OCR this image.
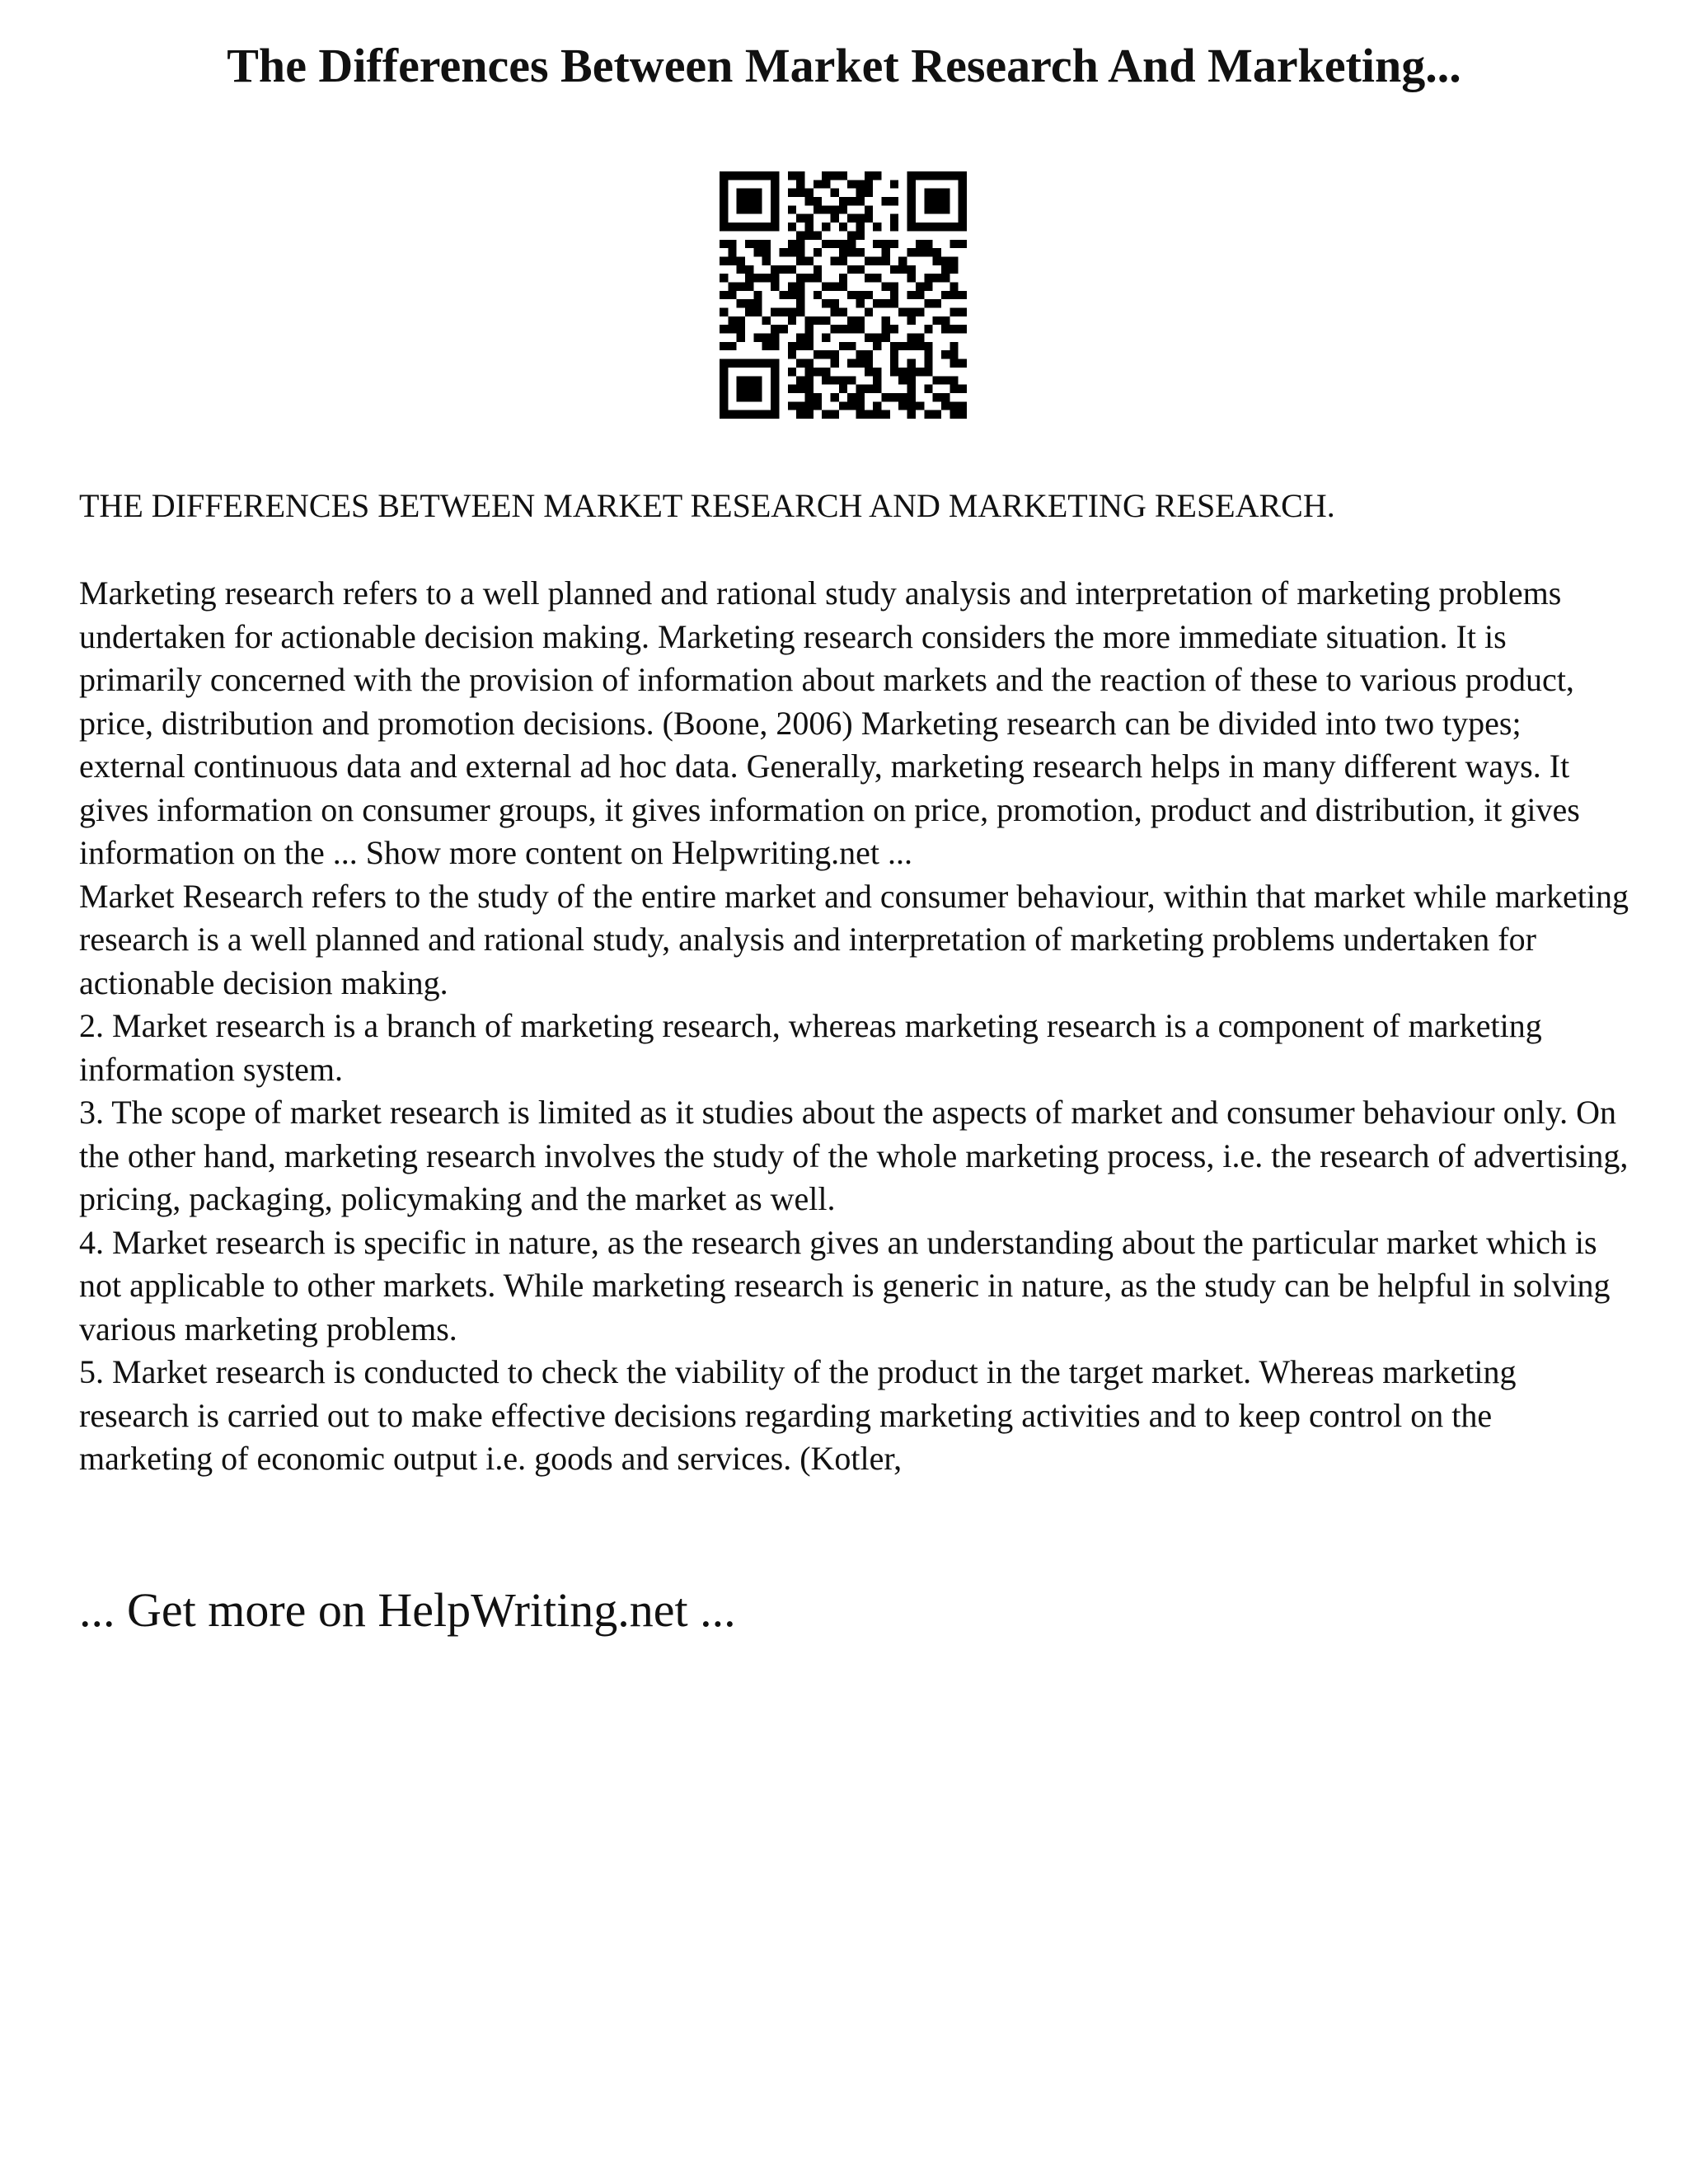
The Differences Between Market Research And Marketing...

THE DIFFERENCES BETWEEN MARKET RESEARCH AND MARKETING RESEARCH.

Marketing research refers to a well planned and rational study analysis and interpretation of marketing problems undertaken for actionable decision making. Marketing research considers the more immediate situation. It is primarily concerned with the provision of information about markets and the reaction of these to various product, price, distribution and promotion decisions. (Boone, 2006) Marketing research can be divided into two types; external continuous data and external ad hoc data. Generally, marketing research helps in many different ways. It gives information on consumer groups, it gives information on price, promotion, product and distribution, it gives information on the ... Show more content on Helpwriting.net ...

Market Research refers to the study of the entire market and consumer behaviour, within that market while marketing research is a well planned and rational study, analysis and interpretation of marketing problems undertaken for actionable decision making.

2. Market research is a branch of marketing research, whereas marketing research is a component of marketing information system.

3. The scope of market research is limited as it studies about the aspects of market and consumer behaviour only. On the other hand, marketing research involves the study of the whole marketing process, i.e. the research of advertising, pricing, packaging, policymaking and the market as well.

4. Market research is specific in nature, as the research gives an understanding about the particular market which is not applicable to other markets. While marketing research is generic in nature, as the study can be helpful in solving various marketing problems.

5. Market research is conducted to check the viability of the product in the target market. Whereas marketing research is carried out to make effective decisions regarding marketing activities and to keep control on the marketing of economic output i.e. goods and services. (Kotler,

... Get more on HelpWriting.net ...
